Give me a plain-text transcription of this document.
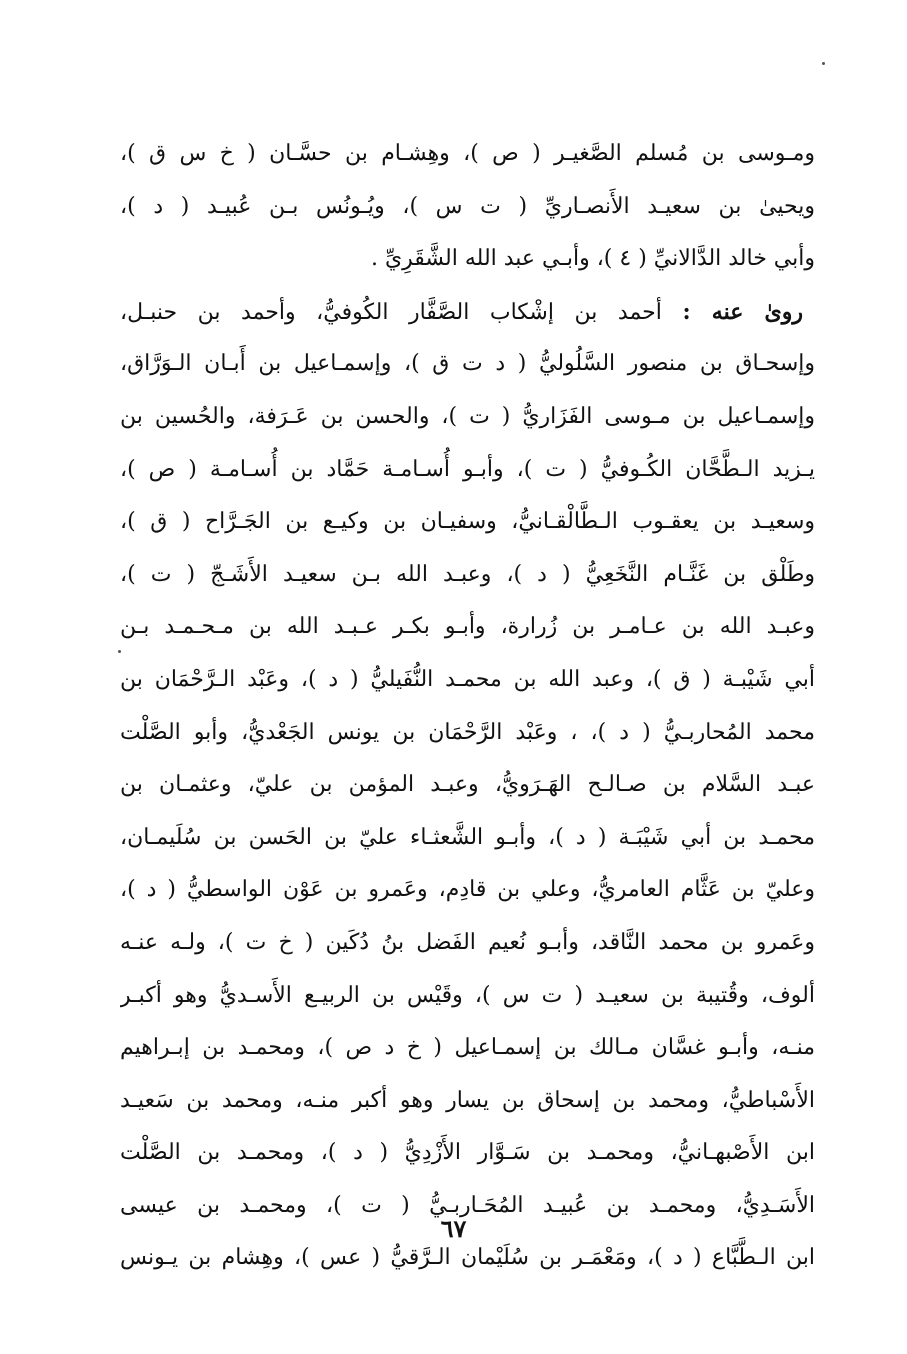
ومـوسى بن مُسلم الصَّغيـر ( ص )، وهِشـام بن حسَّـان ( خ س ق )،
ويحيىٰ بن سعيـد الأَنصـاريِّ ( ت س )، ويُـونُس بـن عُبيـد ( د )،
وأبي خالد الدَّالانيِّ ( ٤ )، وأبـي عبد الله الشَّقَرِيِّ .
روىٰ عنه : أحمد بن إشْكاب الصَّفَّار الكُوفيُّ، وأحمد بن حنبـل،
وإسحـاق بن منصور السَّلُوليُّ ( د ت ق )، وإسمـاعيل بن أَبـان الـوَرَّاق،
وإسمـاعيل بن مـوسى الفَزَاريُّ ( ت )، والحسن بن عَـرَفة، والحُسين بن
يـزيد الـطَّحَّان الكُـوفيُّ ( ت )، وأبـو أُسـامـة حَمَّاد بن أُسـامـة ( ص )،
وسعيـد بن يعقـوب الـطَّالْقـانيُّ، وسفيـان بن وكيـع بن الجَـرَّاح ( ق )،
وطَلْق بن غَنَّـام النَّخَعِيُّ ( د )، وعبـد الله بـن سعيـد الأَشَـجّ ( ت )،
وعبـد الله بن عـامـر بن زُرارة، وأبـو بكـر عـبـد الله بن مـحـمـد بـن
أبي شَيْبـة ( ق )، وعبد الله بن محمـد النُّفَيليُّ ( د )، وعَبْد الـرَّحْمَان بن
محمد المُحاربـيُّ ( د )، ، وعَبْد الرَّحْمَان بن يونس الجَعْديُّ، وأبو الصَّلْت
عبـد السَّلام بن صـالـح الهَـرَويُّ، وعبـد المؤمن بن عليّ، وعثمـان بن
محمـد بن أبي شَيْبَـة ( د )، وأبـو الشَّعثـاء عليّ بن الحَسن بن سُلَيمـان،
وعليّ بن عَثَّام العامريُّ، وعلي بن قادِم، وعَمرو بن عَوْن الواسطيُّ ( د )،
وعَمرو بن محمد النَّاقد، وأبـو نُعيم الفَضل بنُ دُكَين ( خ ت )، ولـه عنـه
ألوف، وقُتيبة بن سعيـد ( ت س )، وقَيْس بن الربيـع الأَسـديُّ وهو أكبـر
منـه، وأبـو غسَّان مـالك بن إسمـاعيل ( خ د ص )، ومحمـد بن إبـراهيم
الأَسْباطيُّ، ومحمد بن إسحاق بن يسار وهو أكبر منـه، ومحمد بن سَعيـد
ابن الأَصْبهـانيُّ، ومحمـد بن سَـوَّار الأَزْدِيُّ ( د )، ومحمـد بن الصَّلْت
الأَسَـدِيُّ، ومحمـد بن عُبيـد المُحَـاربـيُّ ( ت )، ومحمـد بن عيسى
ابن الـطَّبَّاع ( د )، ومَعْمَـر بن سُلَيْمان الـرَّقيُّ ( عس )، وهِشام بن يـونس
٦٧
